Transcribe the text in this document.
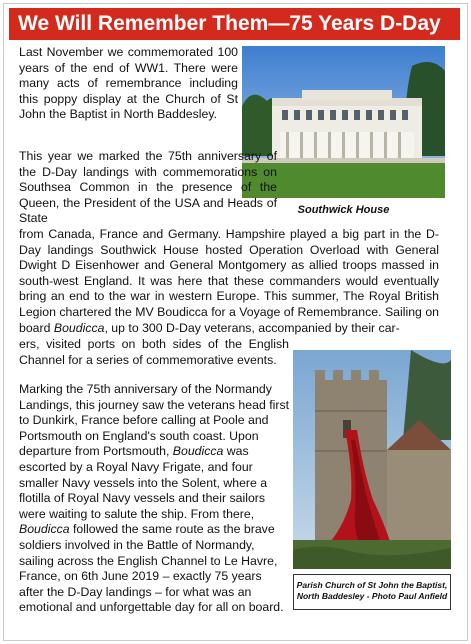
We Will Remember Them—75 Years D-Day
Last November we commemorated 100 years of the end of WW1. There were many acts of remembrance including this poppy display at the Church of St John the Baptist in North Baddesley.
Southwick House
This year we marked the 75th anniversary of the D-Day landings with commemorations on Southsea Common in the presence of the Queen, the President of the USA and Heads of State
from Canada, France and Germany. Hampshire played a big part in the D-Day landings Southwick House hosted Operation Overload with General Dwight D Eisenhower and General Montgomery as allied troops massed in south-west England. It was here that these commanders would eventually bring an end to the war in western Europe. This summer, The Royal British Legion chartered the MV Boudicca for a Voyage of Remembrance. Sailing on board Boudicca, up to 300 D-Day veterans, accompanied by their car-
ers, visited ports on both sides of the English Channel for a series of commemorative events.
Marking the 75th anniversary of the Normandy Landings, this journey saw the veterans head first to Dunkirk, France before calling at Poole and Portsmouth on England's south coast. Upon departure from Portsmouth, Boudicca was escorted by a Royal Navy Frigate, and four smaller Navy vessels into the Solent, where a flotilla of Royal Navy vessels and their sailors were waiting to salute the ship. From there, Boudicca followed the same route as the brave soldiers involved in the Battle of Normandy, sailing across the English Channel to Le Havre, France, on 6th June 2019 – exactly 75 years after the D-Day landings – for what was an emotional and unforgettable day for all on board.
Parish Church of St John the Baptist,
North Baddesley - Photo Paul Anfield
